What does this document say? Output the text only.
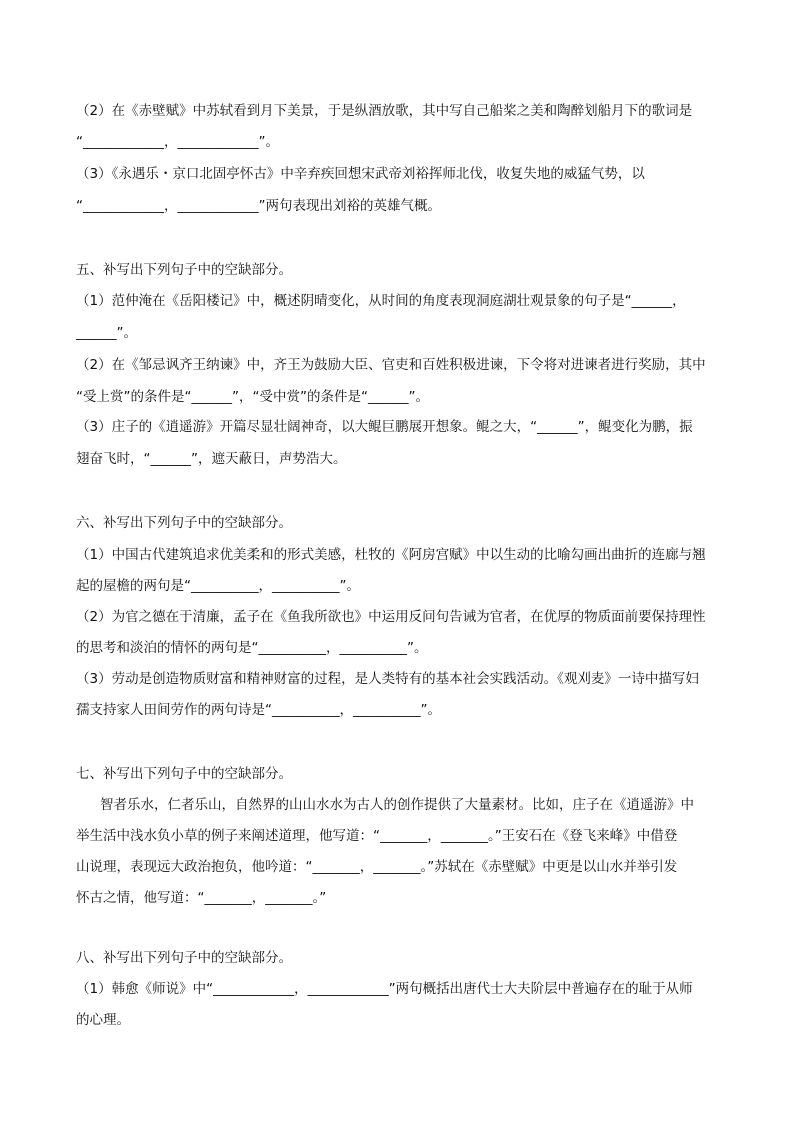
（2）在《赤壁赋》中苏轼看到月下美景，于是纵酒放歌，其中写自己船桨之美和陶醉划船月下的歌词是
“____________，____________”。
（3）《永遇乐・京口北固亭怀古》中辛弃疾回想宋武帝刘裕挥师北伐，收复失地的威猛气势，以
“____________，____________”两句表现出刘裕的英雄气概。
五、补写出下列句子中的空缺部分。
（1）范仲淹在《岳阳楼记》中，概述阴晴变化，从时间的角度表现洞庭湖壮观景象的句子是“______，
______”。
（2）在《邹忌讽齐王纳谏》中，齐王为鼓励大臣、官吏和百姓积极进谏，下令将对进谏者进行奖励，其中
“受上赏”的条件是“______”，“受中赏”的条件是“______”。
（3）庄子的《逍遥游》开篇尽显壮阔神奇，以大鲲巨鹏展开想象。鲲之大，“______”，鲲变化为鹏，振
翅奋飞时，“______”，遮天蔽日，声势浩大。
六、补写出下列句子中的空缺部分。
（1）中国古代建筑追求优美柔和的形式美感，杜牧的《阿房宫赋》中以生动的比喻勾画出曲折的连廊与翘
起的屋檐的两句是“__________，__________”。
（2）为官之德在于清廉，孟子在《鱼我所欲也》中运用反问句告诫为官者，在优厚的物质面前要保持理性
的思考和淡泊的情怀的两句是“__________，__________”。
（3）劳动是创造物质财富和精神财富的过程，是人类特有的基本社会实践活动。《观刈麦》一诗中描写妇
孺支持家人田间劳作的两句诗是“__________，__________”。
七、补写出下列句子中的空缺部分。
智者乐水，仁者乐山，自然界的山山水水为古人的创作提供了大量素材。比如，庄子在《逍遥游》中
举生活中浅水负小草的例子来阐述道理，他写道：“_______，_______。”王安石在《登飞来峰》中借登
山说理，表现远大政治抱负，他吟道：“_______，_______。”苏轼在《赤壁赋》中更是以山水并举引发
怀古之情，他写道：“_______，_______。”
八、补写出下列句子中的空缺部分。
（1）韩愈《师说》中“____________，____________”两句概括出唐代士大夫阶层中普遍存在的耻于从师
的心理。
